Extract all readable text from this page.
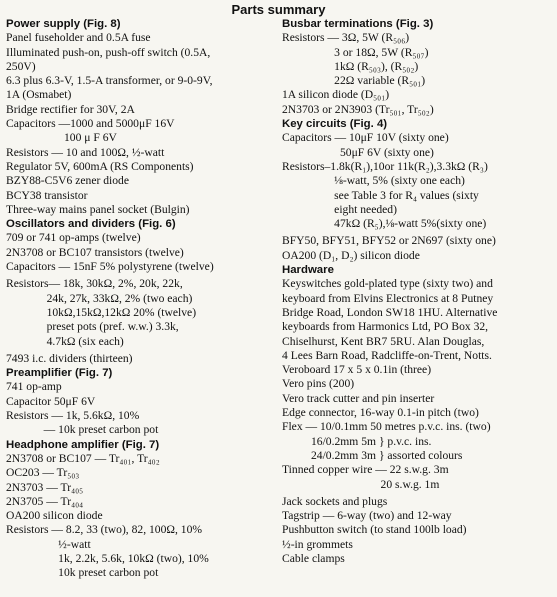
Parts summary
Power supply (Fig. 8)
Panel fuseholder and 0.5A fuse
Illuminated push-on, push-off switch (0.5A,
250V)
6.3 plus 6.3-V, 1.5-A transformer, or 9-0-9V,
1A (Osmabet)
Bridge rectifier for 30V, 2A
Capacitors —1000 and 5000μF 16V
100 μ F 6V
Resistors — 10 and 100Ω, ½-watt
Regulator 5V, 600mA (RS Components)
BZY88-C5V6 zener diode
BCY38 transistor
Three-way mains panel socket (Bulgin)
Oscillators and dividers (Fig. 6)
709 or 741 op-amps (twelve)
2N3708 or BC107 transistors (twelve)
Capacitors — 15nF 5% polystyrene (twelve)
Resistors— 18k, 30kΩ, 2%, 20k, 22k,
24k, 27k, 33kΩ, 2% (two each)
10kΩ,15kΩ,12kΩ 20% (twelve)
preset pots (pref. w.w.) 3.3k,
4.7kΩ (six each)
7493 i.c. dividers (thirteen)
Preamplifier (Fig. 7)
741 op-amp
Capacitor 50μF 6V
Resistors — 1k, 5.6kΩ, 10%
— 10k preset carbon pot
Headphone amplifier (Fig. 7)
2N3708 or BC107 — Tr₄₀₁, Tr₄₀₂
OC203 — Tr₅₀₃
2N3703 — Tr₄₀₅
2N3705 — Tr₄₀₄
OA200 silicon diode
Resistors — 8.2, 33 (two), 82, 100Ω, 10%
½-watt
1k, 2.2k, 5.6k, 10kΩ (two), 10%
10k preset carbon pot
Busbar terminations (Fig. 3)
Resistors — 3Ω, 5W (R₅₀₆)
3 or 18Ω, 5W (R₅₀₇)
1kΩ (R₅₀₃), (R₅₀₂)
22Ω variable (R₅₀₁)
1A silicon diode (D₅₀₁)
2N3703 or 2N3903 (Tr₅₀₁, Tr₅₀₂)
Key circuits (Fig. 4)
Capacitors — 10μF 10V (sixty one)
50μF 6V (sixty one)
Resistors–1.8k(R₁),10or 11k(R₂),3.3kΩ (R₃)
⅛-watt, 5% (sixty one each)
see Table 3 for R₄ values (sixty
eight needed)
47kΩ (R₅),⅛-watt 5%(sixty one)
BFY50, BFY51, BFY52 or 2N697 (sixty one)
OA200 (D₁, D₂) silicon diode
Hardware
Keyswitches gold-plated type (sixty two) and
keyboard from Elvins Electronics at 8 Putney
Bridge Road, London SW18 1HU. Alternative
keyboards from Harmonics Ltd, PO Box 32,
Chiselhurst, Kent BR7 5RU. Alan Douglas,
4 Lees Barn Road, Radcliffe-on-Trent, Notts.
Veroboard 17 x 5 x 0.1in (three)
Vero pins (200)
Vero track cutter and pin inserter
Edge connector, 16-way 0.1-in pitch (two)
Flex — 10/0.1mm 50 metres p.v.c. ins. (two)
16/0.2mm 5m } p.v.c. ins.
24/0.2mm 3m } assorted colours
Tinned copper wire — 22 s.w.g. 3m
20 s.w.g. 1m
Jack sockets and plugs
Tagstrip — 6-way (two) and 12-way
Pushbutton switch (to stand 100lb load)
½-in grommets
Cable clamps
